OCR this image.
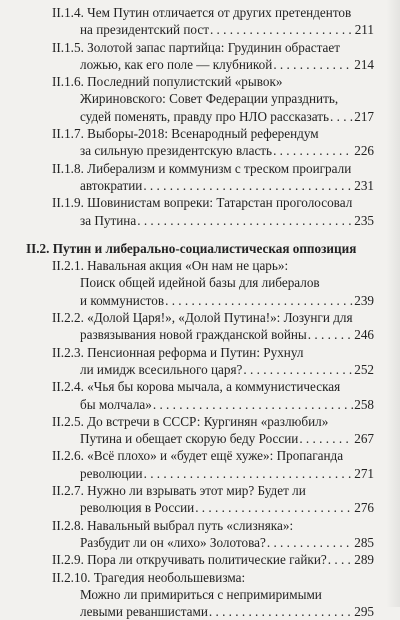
II.1.4. Чем Путин отличается от других претендентов
на президентский пост . . .	211
II.1.5. Золотой запас партийца: Грудинин обрастает
ложью, как его поле — клубникой . . .	214
II.1.6. Последний популистский «рывок»
Жириновского: Совет Федерации упразднить,
судей поменять, правду про НЛО рассказать . . . 217
II.1.7. Выборы-2018: Всенародный референдум
за сильную президентскую власть . . .	226
II.1.8. Либерализм и коммунизм с треском проиграли
автократии . . .	231
II.1.9. Шовинистам вопреки: Татарстан проголосовал
за Путина . . .	235
II.2. Путин и либерально-социалистическая оппозиция
II.2.1. Навальная акция «Он нам не царь»:
Поиск общей идейной базы для либералов
и коммунистов . . .	239
II.2.2. «Долой Царя!», «Долой Путина!»: Лозунги для
развязывания новой гражданской войны . . .	246
II.2.3. Пенсионная реформа и Путин: Рухнул
ли имидж всесильного царя? . . .	252
II.2.4. «Чья бы корова мычала, а коммунистическая
бы молчала» . . .	258
II.2.5. До встречи в СССР: Кургинян «разлюбил»
Путина и обещает скорую беду России . . .	267
II.2.6. «Всё плохо» и «будет ещё хуже»: Пропаганда
революции . . .	271
II.2.7. Нужно ли взрывать этот мир? Будет ли
революция в России . . .	276
II.2.8. Навальный выбрал путь «слизняка»:
Разбудит ли он «лихо» Золотова? . . .	285
II.2.9. Пора ли откручивать политические гайки? . . . 289
II.2.10. Трагедия необольшевизма:
Можно ли примириться с непримиримыми
левыми реваншистами . . .	295
